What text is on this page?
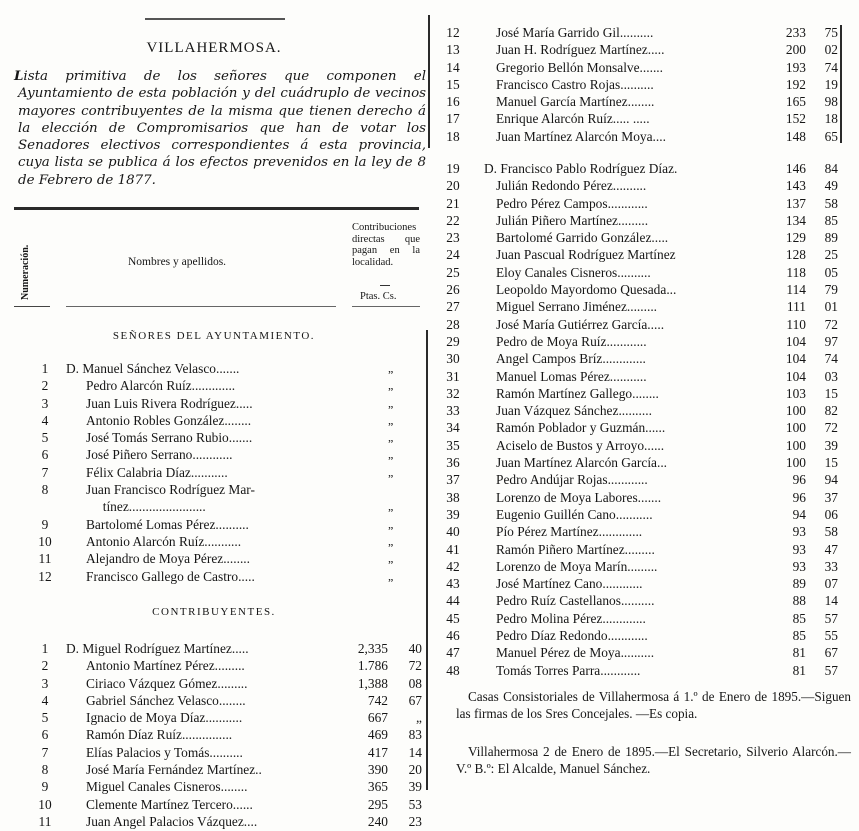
VILLAHERMOSA.
Lista primitiva de los señores que componen el Ayuntamiento de esta población y del cuádruplo de vecinos mayores contribuyentes de la misma que tienen derecho á la elección de Compromisarios que han de votar los Senadores electivos correspondientes á esta provincia, cuya lista se publica á los efectos prevenidos en la ley de 8 de Febrero de 1877.
Numeración.	Nombres y apellidos.
Contribuciones directas que pagan en la localidad.
Ptas. Cs.
SEÑORES DEL AYUNTAMIENTO.
1	D. Manuel Sánchez Velasco.......	„
2	Pedro Alarcón Ruíz.............	„
3	Juan Luis Rivera Rodríguez.....	„
4	Antonio Robles González........	„
5	José Tomás Serrano Rubio.......	„
6	José Piñero Serrano............	„
7	Félix Calabria Díaz...........	„
8	Juan Francisco Rodríguez Mar-
tínez.......................	„
9	Bartolomé Lomas Pérez..........	„
10	Antonio Alarcón Ruíz...........	„
11	Alejandro de Moya Pérez........	„
12	Francisco Gallego de Castro.....	„
CONTRIBUYENTES.
1	D. Miguel Rodríguez Martínez.....	2,335	40
2	Antonio Martínez Pérez.........	1.786	72
3	Ciriaco Vázquez Gómez.........	1,388	08
4	Gabriel Sánchez Velasco........	742	67
5	Ignacio de Moya Díaz...........	667	„
6	Ramón Díaz Ruíz...............	469	83
7	Elías Palacios y Tomás..........	417	14
8	José María Fernández Martínez..	390	20
9	Miguel Canales Cisneros........	365	39
10	Clemente Martínez Tercero......	295	53
11	Juan Angel Palacios Vázquez....	240	23
12	José María Garrido Gil..........	233	75
13	Juan H. Rodríguez Martínez.....	200	02
14	Gregorio Bellón Monsalve.......	193	74
15	Francisco Castro Rojas..........	192	19
16	Manuel García Martínez........	165	98
17	Enrique Alarcón Ruíz..... .....	152	18
18	Juan Martínez Alarcón Moya....	148	65
19	D. Francisco Pablo Rodríguez Díaz.	146	84
20	Julián Redondo Pérez..........	143	49
21	Pedro Pérez Campos............	137	58
22	Julián Piñero Martínez.........	134	85
23	Bartolomé Garrido González.....	129	89
24	Juan Pascual Rodríguez Martínez	128	25
25	Eloy Canales Cisneros..........	118	05
26	Leopoldo Mayordomo Quesada...	114	79
27	Miguel Serrano Jiménez.........	111	01
28	José María Gutiérrez García.....	110	72
29	Pedro de Moya Ruíz............	104	97
30	Angel Campos Bríz.............	104	74
31	Manuel Lomas Pérez...........	104	03
32	Ramón Martínez Gallego........	103	15
33	Juan Vázquez Sánchez..........	100	82
34	Ramón Poblador y Guzmán......	100	72
35	Aciselo de Bustos y Arroyo......	100	39
36	Juan Martínez Alarcón García...	100	15
37	Pedro Andújar Rojas............	96	94
38	Lorenzo de Moya Labores.......	96	37
39	Eugenio Guillén Cano...........	94	06
40	Pío Pérez Martínez.............	93	58
41	Ramón Piñero Martínez.........	93	47
42	Lorenzo de Moya Marín.........	93	33
43	José Martínez Cano............	89	07
44	Pedro Ruíz Castellanos..........	88	14
45	Pedro Molina Pérez.............	85	57
46	Pedro Díaz Redondo............	85	55
47	Manuel Pérez de Moya..........	81	67
48	Tomás Torres Parra............	81	57
Casas Consistoriales de Villahermosa á 1.º de Enero de 1895.—Siguen las firmas de los Sres Concejales. —Es copia.
Villahermosa 2 de Enero de 1895.—El Secretario, Silverio Alarcón.—V.º B.º: El Alcalde, Manuel Sánchez.
